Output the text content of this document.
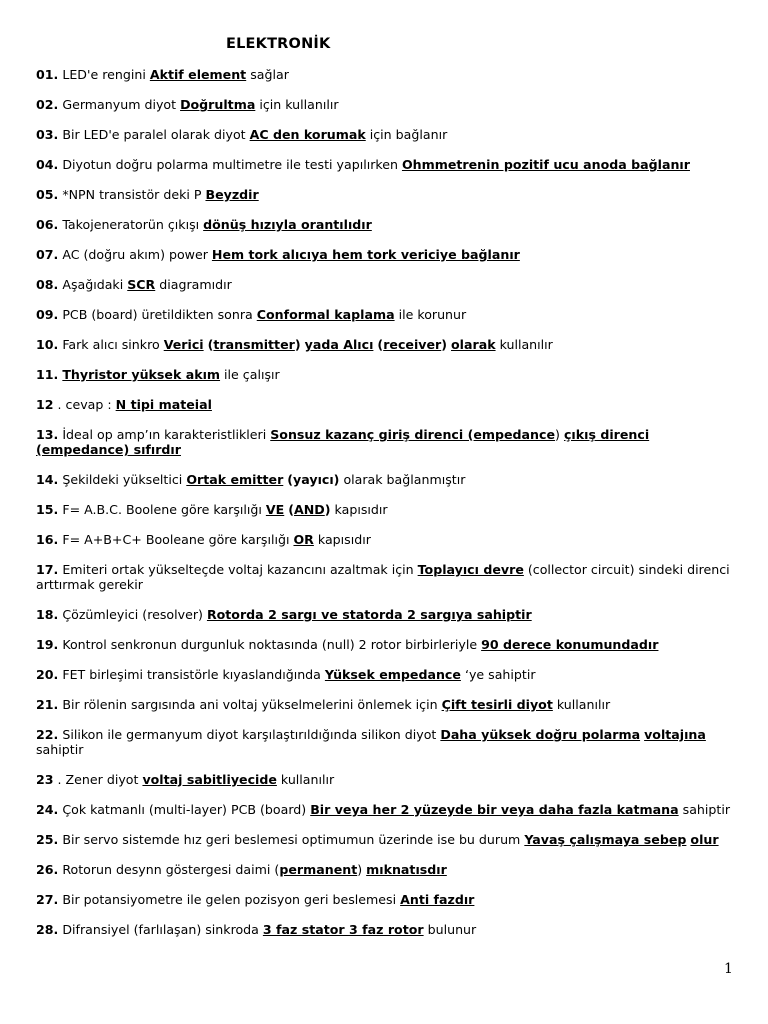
ELEKTRONİK
01. LED'e rengini Aktif element sağlar
02. Germanyum diyot Doğrultma için kullanılır
03. Bir LED'e paralel olarak diyot AC den korumak için bağlanır
04. Diyotun doğru polarma multimetre ile testi yapılırken Ohmmetrenin pozitif ucu anoda bağlanır
05. *NPN transistör deki P Beyzdir
06. Takojeneratorün çıkışı dönüş hızıyla orantılıdır
07. AC (doğru akım) power Hem tork alıcıya hem tork vericiye bağlanır
08. Aşağıdaki SCR diagramıdır
09. PCB (board) üretildikten sonra Conformal kaplama ile korunur
10. Fark alıcı sinkro Verici (transmitter) yada Alıcı (receiver) olarak kullanılır
11. Thyristor yüksek akım ile çalışır
12 . cevap : N tipi mateial
13. İdeal op amp’ın karakteristlikleri Sonsuz kazanç giriş direnci (empedance) çıkış direnci (empedance) sıfırdır
14. Şekildeki yükseltici Ortak emitter (yayıcı) olarak bağlanmıştır
15. F= A.B.C. Boolene göre karşılığı VE (AND) kapısıdır
16. F= A+B+C+ Booleane göre karşılığı OR kapısıdır
17. Emiteri ortak yükselteçde voltaj kazancını azaltmak için Toplayıcı devre (collector circuit) sindeki direnci arttırmak gerekir
18. Çözümleyici (resolver) Rotorda 2 sargı ve statorda 2 sargıya sahiptir
19. Kontrol senkronun durgunluk noktasında (null) 2 rotor birbirleriyle 90 derece konumundadır
20. FET birleşimi transistörle kıyaslandığında Yüksek empedance ‘ye sahiptir
21. Bir rölenin sargısında ani voltaj yükselmelerini önlemek için Çift tesirli diyot kullanılır
22. Silikon ile germanyum diyot karşılaştırıldığında silikon diyot Daha yüksek doğru polarma voltajına sahiptir
23 . Zener diyot voltaj sabitliyecide kullanılır
24. Çok katmanlı (multi-layer) PCB (board) Bir veya her 2 yüzeyde bir veya daha fazla katmana sahiptir
25. Bir servo sistemde hız geri beslemesi optimumun üzerinde ise bu durum Yavaş çalışmaya sebep olur
26. Rotorun desynn göstergesi daimi (permanent) mıknatısdır
27. Bir potansiyometre ile gelen pozisyon geri beslemesi Anti fazdır
28. Difransiyel (farlılaşan) sinkroda 3 faz stator 3 faz rotor bulunur
1
